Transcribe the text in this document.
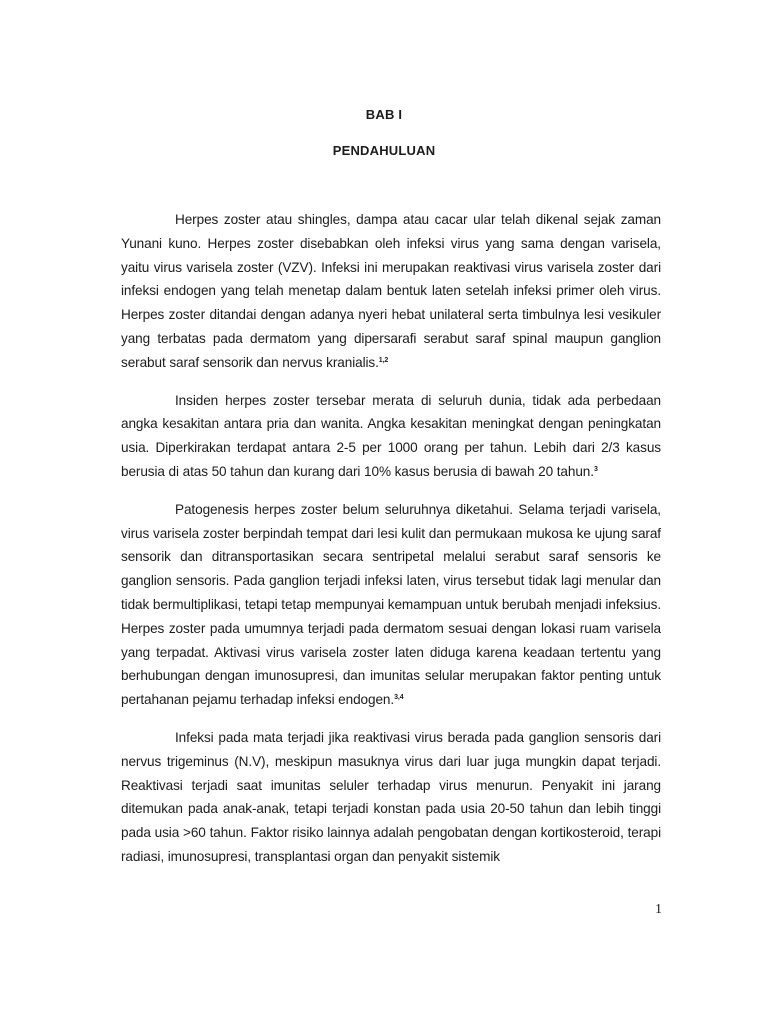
BAB I
PENDAHULUAN

Herpes zoster atau shingles, dampa atau cacar ular telah dikenal sejak zaman Yunani kuno. Herpes zoster disebabkan oleh infeksi virus yang sama dengan varisela, yaitu virus varisela zoster (VZV). Infeksi ini merupakan reaktivasi virus varisela zoster dari infeksi endogen yang telah menetap dalam bentuk laten setelah infeksi primer oleh virus. Herpes zoster ditandai dengan adanya nyeri hebat unilateral serta timbulnya lesi vesikuler yang terbatas pada dermatom yang dipersarafi serabut saraf spinal maupun ganglion serabut saraf sensorik dan nervus kranialis.$^{1,2}$

Insiden herpes zoster tersebar merata di seluruh dunia, tidak ada perbedaan angka kesakitan antara pria dan wanita. Angka kesakitan meningkat dengan peningkatan usia. Diperkirakan terdapat antara 2-5 per 1000 orang per tahun. Lebih dari 2/3 kasus berusia di atas 50 tahun dan kurang dari 10% kasus berusia di bawah 20 tahun.$^3$

Patogenesis herpes zoster belum seluruhnya diketahui. Selama terjadi varisela, virus varisela zoster berpindah tempat dari lesi kulit dan permukaan mukosa ke ujung saraf sensorik dan ditransportasikan secara sentripetal melalui serabut saraf sensoris ke ganglion sensoris. Pada ganglion terjadi infeksi laten, virus tersebut tidak lagi menular dan tidak bermultiplikasi, tetapi tetap mempunyai kemampuan untuk berubah menjadi infeksius. Herpes zoster pada umumnya terjadi pada dermatom sesuai dengan lokasi ruam varisela yang terpadat. Aktivasi virus varisela zoster laten diduga karena keadaan tertentu yang berhubungan dengan imunosupresi, dan imunitas selular merupakan faktor penting untuk pertahanan pejamu terhadap infeksi endogen.$^{3,4}$

Infeksi pada mata terjadi jika reaktivasi virus berada pada ganglion sensoris dari nervus trigeminus (N.V), meskipun masuknya virus dari luar juga mungkin dapat terjadi. Reaktivasi terjadi saat imunitas seluler terhadap virus menurun. Penyakit ini jarang ditemukan pada anak-anak, tetapi terjadi konstan pada usia 20-50 tahun dan lebih tinggi pada usia >60 tahun. Faktor risiko lainnya adalah pengobatan dengan kortikosteroid, terapi radiasi, imunosupresi, transplantasi organ dan penyakit sistemik

1
